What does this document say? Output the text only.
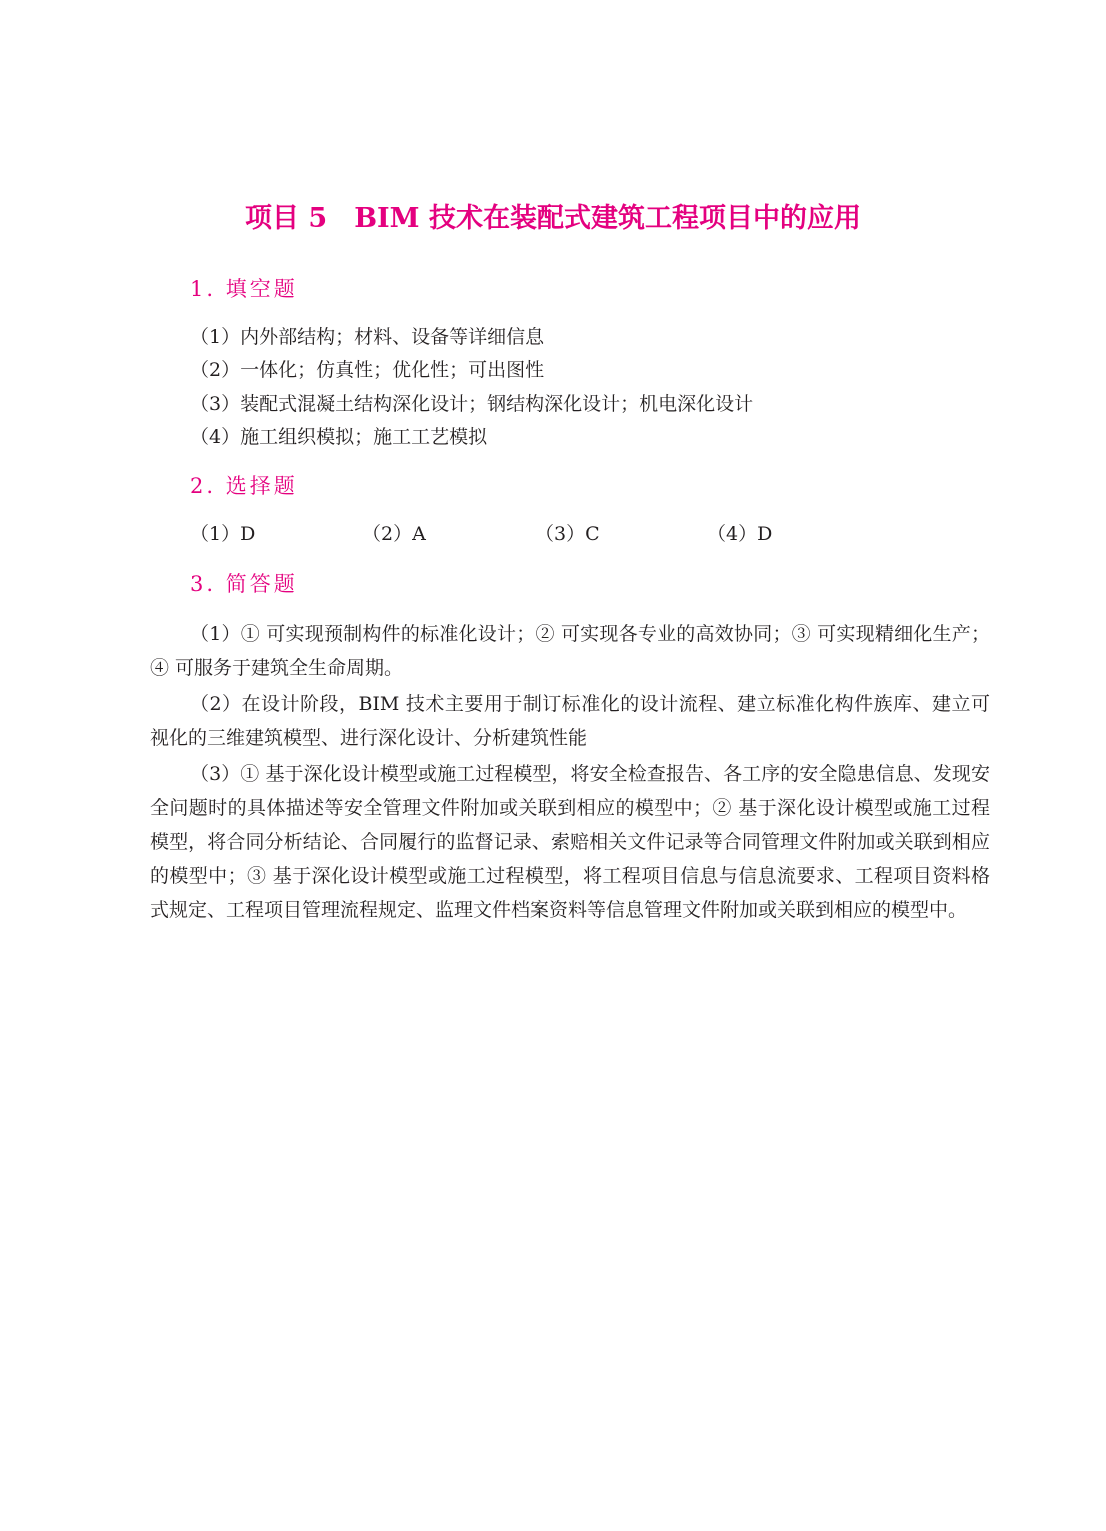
项目 5　BIM 技术在装配式建筑工程项目中的应用
1. 填空题
（1）内外部结构；材料、设备等详细信息
（2）一体化；仿真性；优化性；可出图性
（3）装配式混凝土结构深化设计；钢结构深化设计；机电深化设计
（4）施工组织模拟；施工工艺模拟
2. 选择题
（1）D	（2）A	（3）C	（4）D
3. 简答题

（1）① 可实现预制构件的标准化设计；② 可实现各专业的高效协同；③ 可实现精细化生产；④ 可服务于建筑全生命周期。

（2）在设计阶段，BIM 技术主要用于制订标准化的设计流程、建立标准化构件族库、建立可视化的三维建筑模型、进行深化设计、分析建筑性能

（3）① 基于深化设计模型或施工过程模型，将安全检查报告、各工序的安全隐患信息、发现安全问题时的具体描述等安全管理文件附加或关联到相应的模型中；② 基于深化设计模型或施工过程模型，将合同分析结论、合同履行的监督记录、索赔相关文件记录等合同管理文件附加或关联到相应的模型中；③ 基于深化设计模型或施工过程模型，将工程项目信息与信息流要求、工程项目资料格式规定、工程项目管理流程规定、监理文件档案资料等信息管理文件附加或关联到相应的模型中。
